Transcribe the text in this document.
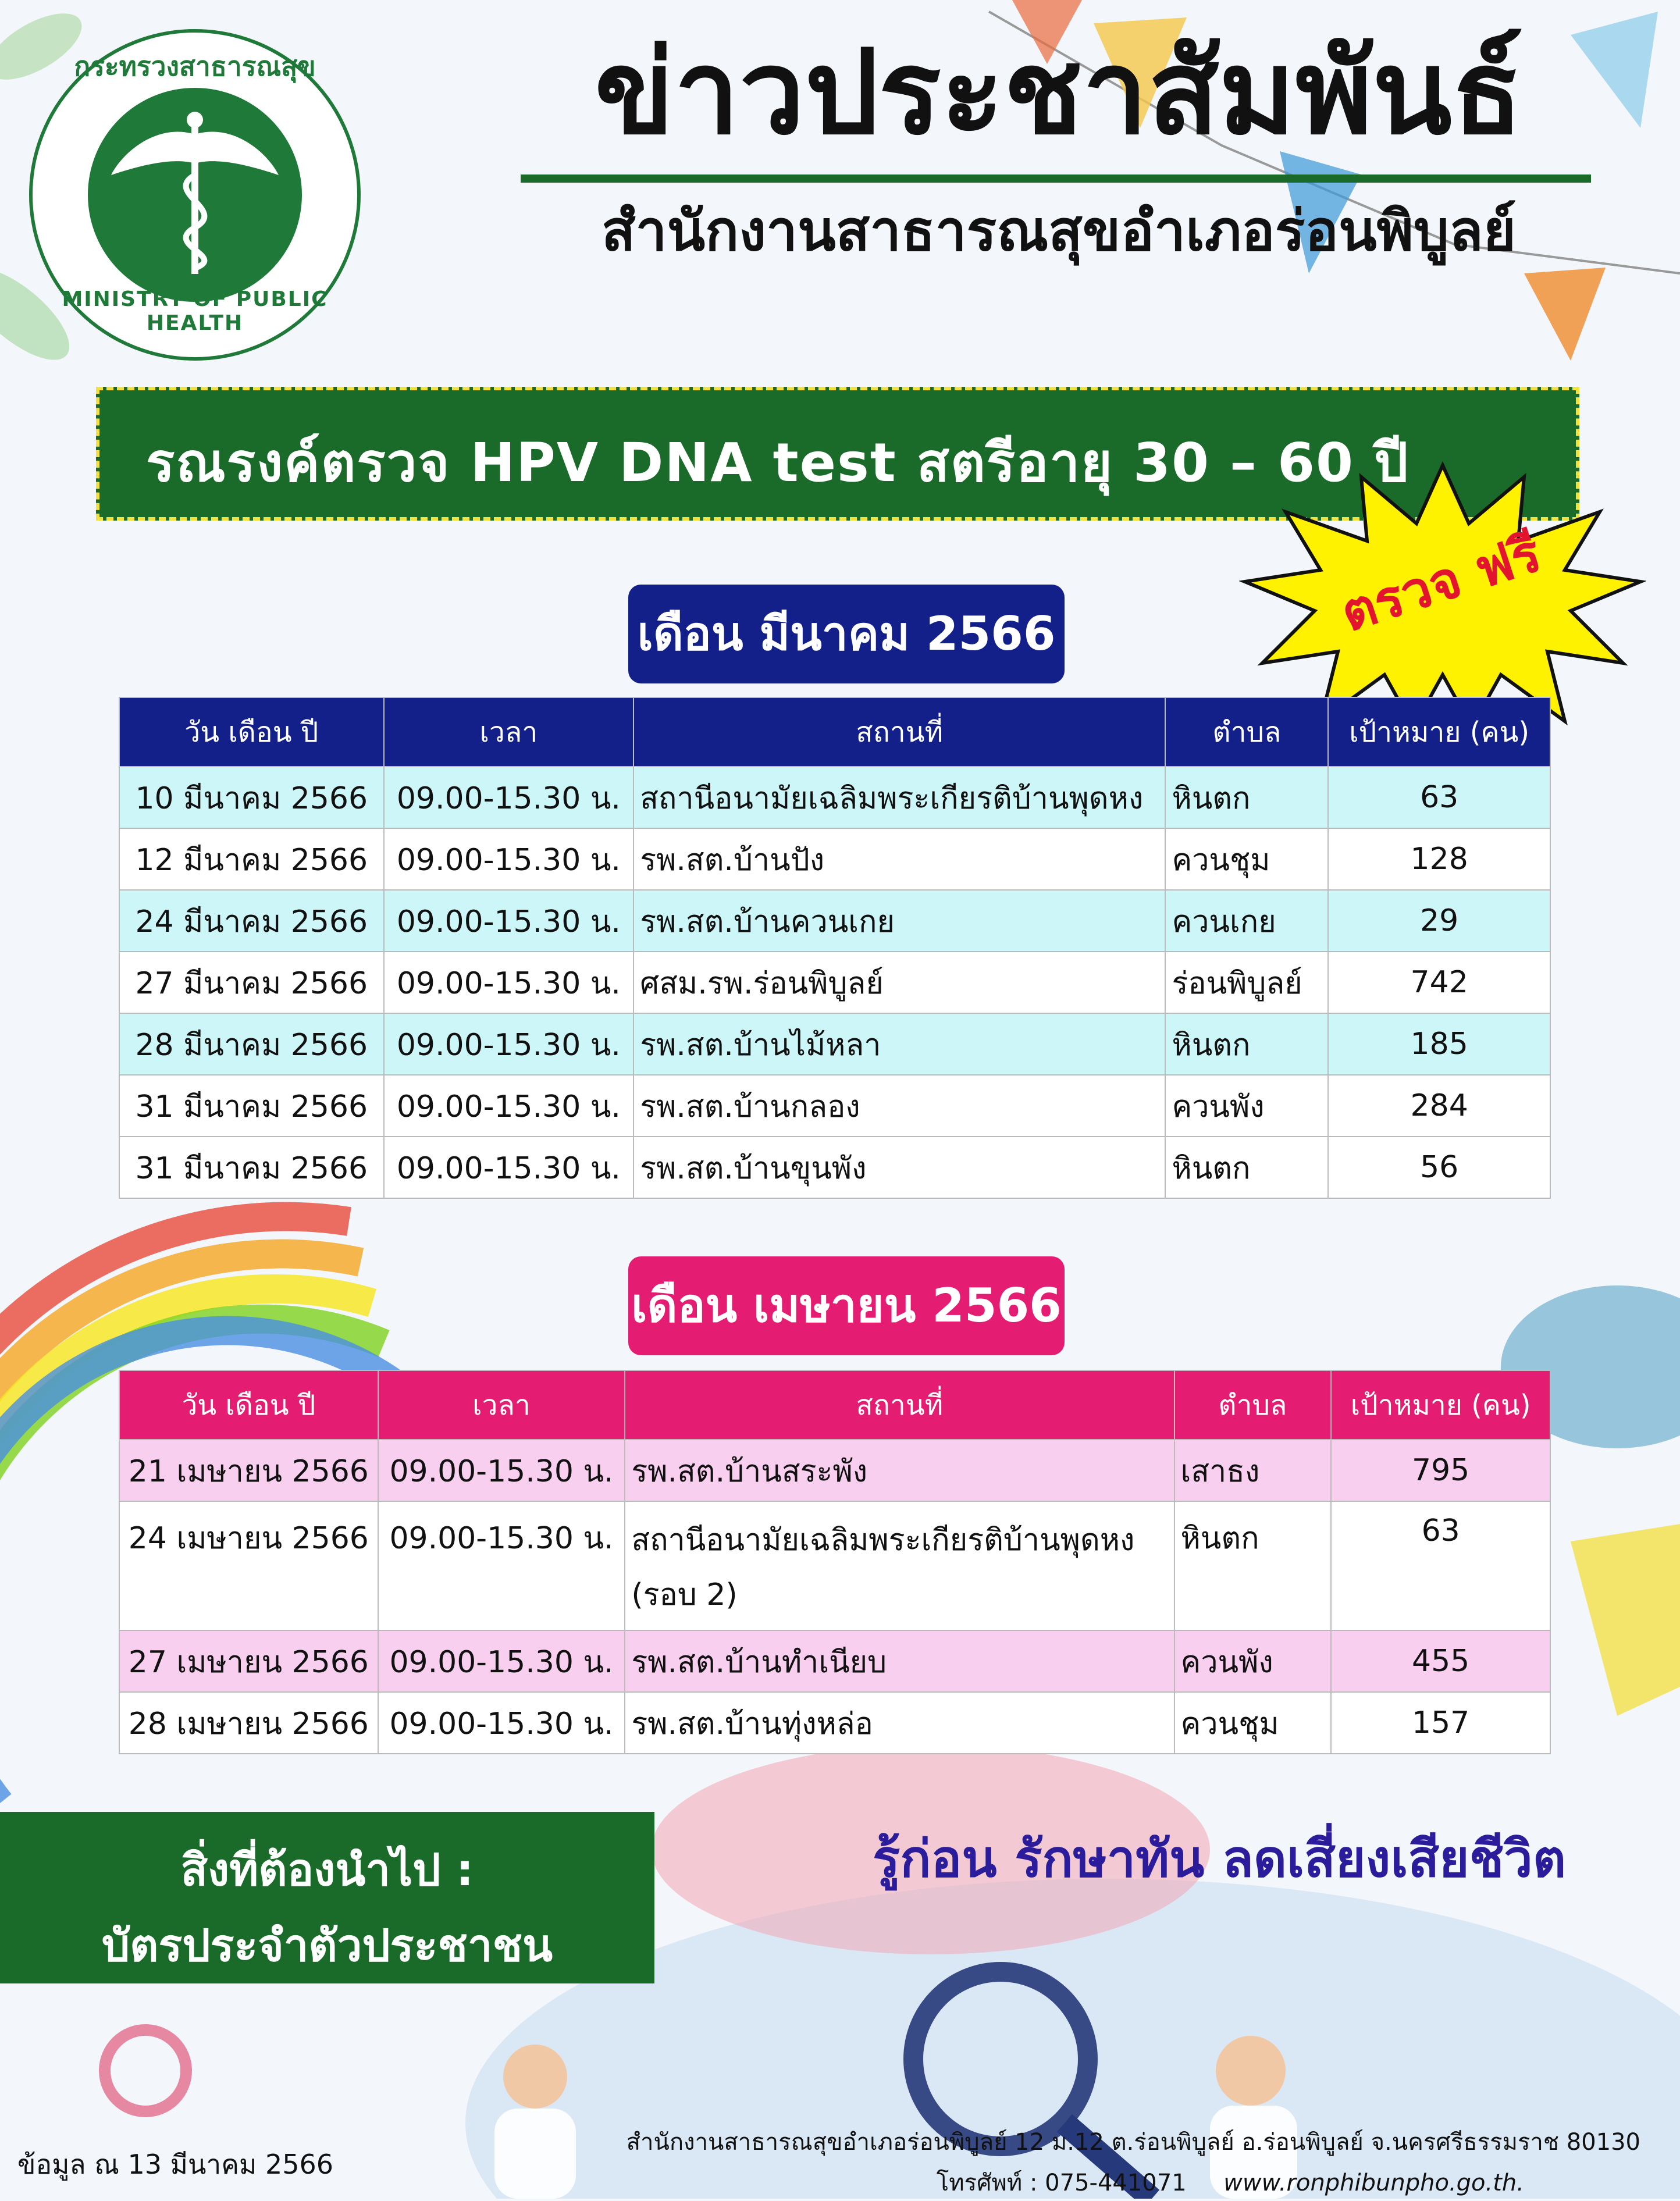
กระทรวงสาธารณสุข
MINISTRY OF PUBLIC HEALTH
ข่าวประชาสัมพันธ์
สำนักงานสาธารณสุขอำเภอร่อนพิบูลย์
รณรงค์ตรวจ HPV DNA test สตรีอายุ 30 – 60 ปี
ตรวจ ฟรี
เดือน มีนาคม 2566
วัน เดือน ปี	เวลา	สถานที่	ตำบล	เป้าหมาย (คน)
10 มีนาคม 2566	09.00-15.30 น.	สถานีอนามัยเฉลิมพระเกียรติบ้านพุดหง	หินตก	63
12 มีนาคม 2566	09.00-15.30 น.	รพ.สต.บ้านปัง	ควนชุม	128
24 มีนาคม 2566	09.00-15.30 น.	รพ.สต.บ้านควนเกย	ควนเกย	29
27 มีนาคม 2566	09.00-15.30 น.	ศสม.รพ.ร่อนพิบูลย์	ร่อนพิบูลย์	742
28 มีนาคม 2566	09.00-15.30 น.	รพ.สต.บ้านไม้หลา	หินตก	185
31 มีนาคม 2566	09.00-15.30 น.	รพ.สต.บ้านกลอง	ควนพัง	284
31 มีนาคม 2566	09.00-15.30 น.	รพ.สต.บ้านขุนพัง	หินตก	56
เดือน เมษายน 2566
วัน เดือน ปี	เวลา	สถานที่	ตำบล	เป้าหมาย (คน)
21 เมษายน 2566	09.00-15.30 น.	รพ.สต.บ้านสระพัง	เสาธง	795
24 เมษายน 2566	09.00-15.30 น.	สถานีอนามัยเฉลิมพระเกียรติบ้านพุดหง (รอบ 2)	หินตก	63
27 เมษายน 2566	09.00-15.30 น.	รพ.สต.บ้านทำเนียบ	ควนพัง	455
28 เมษายน 2566	09.00-15.30 น.	รพ.สต.บ้านทุ่งหล่อ	ควนชุม	157
สิ่งที่ต้องนำไป :
บัตรประจำตัวประชาชน
รู้ก่อน รักษาทัน ลดเสี่ยงเสียชีวิต
ข้อมูล ณ 13 มีนาคม 2566
สำนักงานสาธารณสุขอำเภอร่อนพิบูลย์ 12 ม.12 ต.ร่อนพิบูลย์ อ.ร่อนพิบูลย์ จ.นครศรีธรรมราช 80130
โทรศัพท์ : 075-441071 www.ronphibunpho.go.th.
